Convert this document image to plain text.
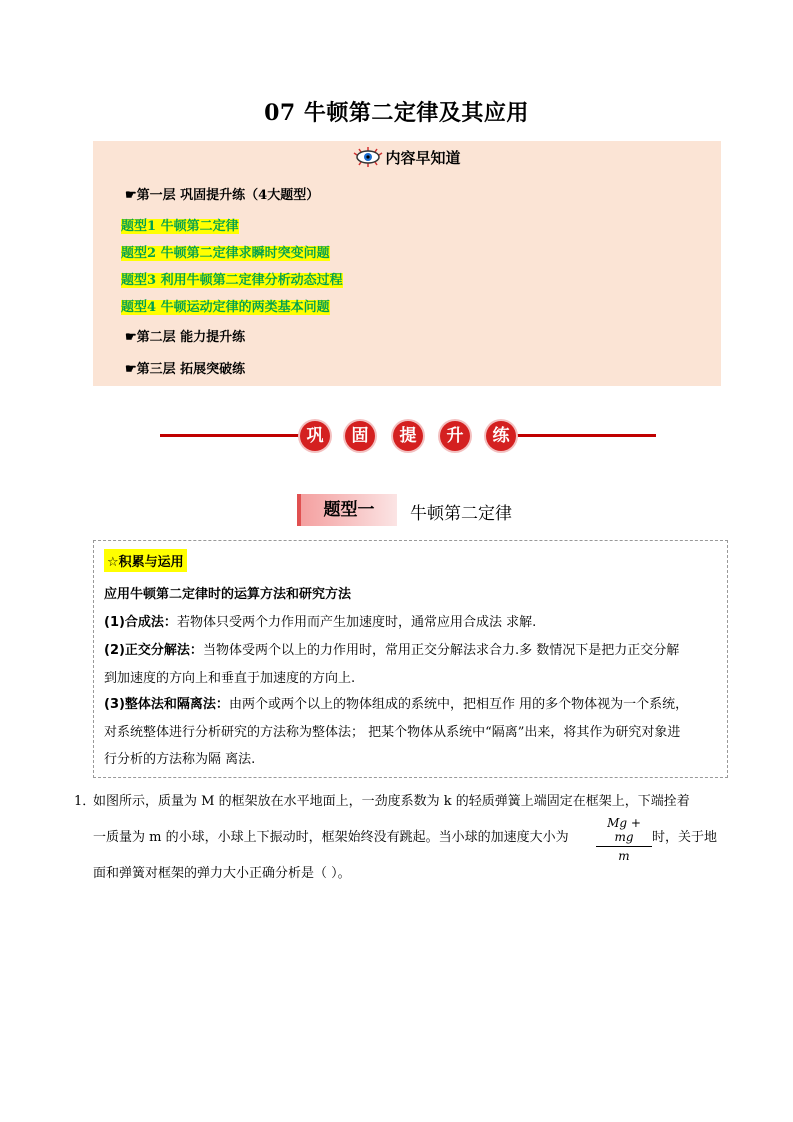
07 牛顿第二定律及其应用
内容早知道
☛第一层 巩固提升练（4大题型）
题型1 牛顿第二定律
题型2 牛顿第二定律求瞬时突变问题
题型3 利用牛顿第二定律分析动态过程
题型4 牛顿运动定律的两类基本问题
☛第二层 能力提升练
☛第三层 拓展突破练
巩	固	提	升	练
题型一	牛顿第二定律
☆积累与运用
应用牛顿第二定律时的运算方法和研究方法
(1)合成法：若物体只受两个力作用而产生加速度时，通常应用合成法 求解.
(2)正交分解法：当物体受两个以上的力作用时，常用正交分解法求合力.多 数情况下是把力正交分解
到加速度的方向上和垂直于加速度的方向上.
(3)整体法和隔离法：由两个或两个以上的物体组成的系统中，把相互作 用的多个物体视为一个系统，
对系统整体进行分析研究的方法称为整体法； 把某个物体从系统中“隔离”出来，将其作为研究对象进
行分析的方法称为隔 离法.
1．
如图所示，质量为 M 的框架放在水平地面上，一劲度系数为 k 的轻质弹簧上端固定在框架上，下端拴着
一质量为 m 的小球，小球上下振动时，框架始终没有跳起。当小球的加速度大小为
Mg + mg
m
时，关于地
面和弹簧对框架的弹力大小正确分析是（ ）。
